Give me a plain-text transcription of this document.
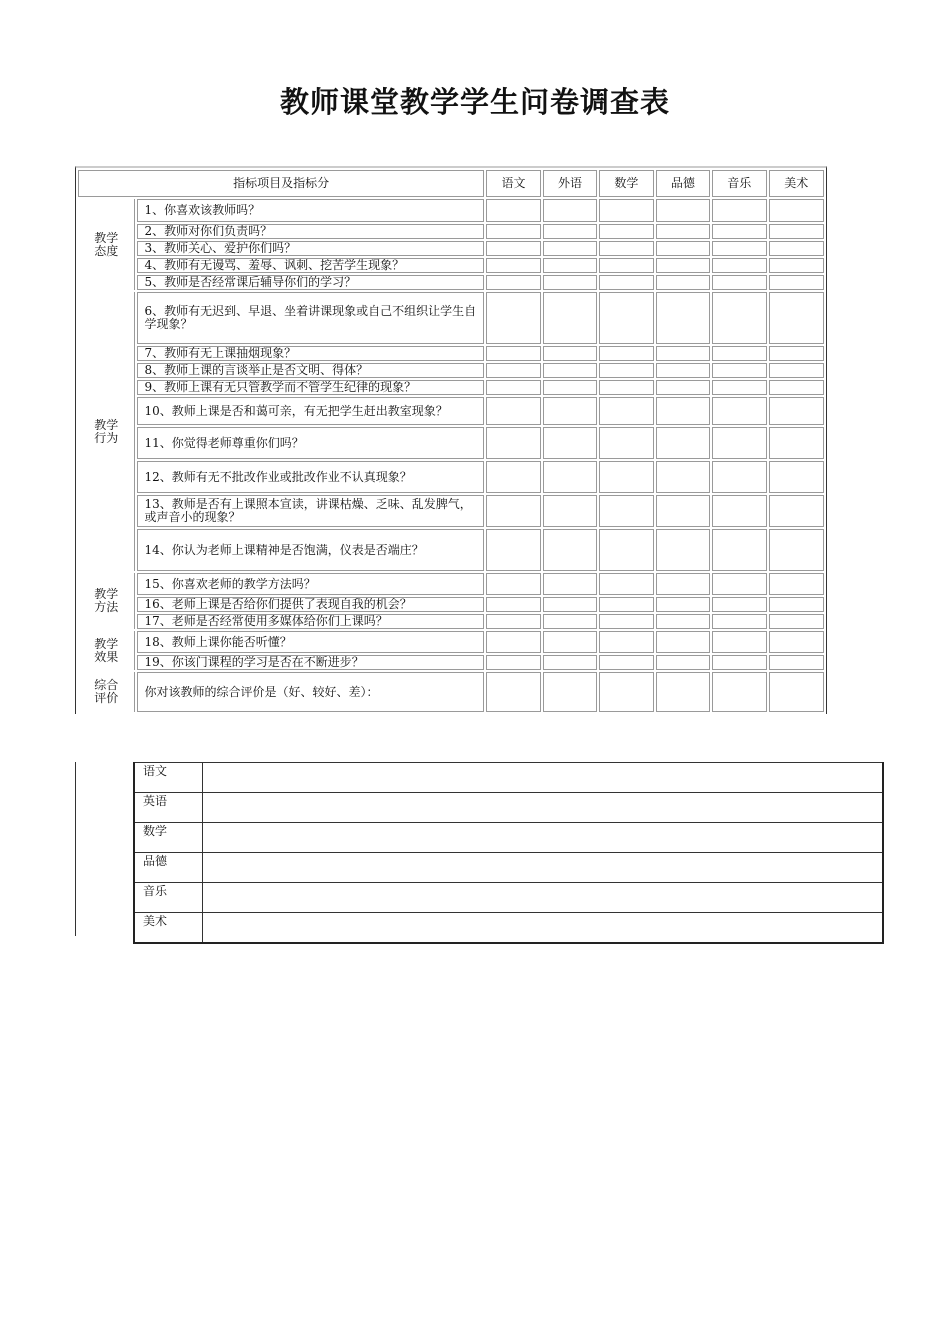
教师课堂教学学生问卷调查表
指标项目及指标分		语文	外语	数学	品德	音乐	美术

教学
态度	1、你喜欢该教师吗？						
	2、教师对你们负责吗？						
	3、教师关心、爱护你们吗？						
	4、教师有无谩骂、羞辱、讽刺、挖苦学生现象？						
	5、教师是否经常课后辅导你们的学习？						

教学
行为	6、教师有无迟到、早退、坐着讲课现象或自己不组织让学生自学现象？						
	7、教师有无上课抽烟现象？						
	8、教师上课的言谈举止是否文明、得体？						
	9、教师上课有无只管教学而不管学生纪律的现象？						
	10、教师上课是否和蔼可亲，有无把学生赶出教室现象？						
	11、你觉得老师尊重你们吗？						
	12、教师有无不批改作业或批改作业不认真现象？						
	13、教师是否有上课照本宣读，讲课枯燥、乏味、乱发脾气，或声音小的现象？						
	14、你认为老师上课精神是否饱满，仪表是否端庄？						

教学
方法	15、你喜欢老师的教学方法吗？						
	16、老师上课是否给你们提供了表现自我的机会？						
	17、老师是否经常使用多媒体给你们上课吗？						

教学
效果	18、教师上课你能否听懂？						
	19、你该门课程的学习是否在不断进步？						

综合
评价	你对该教师的综合评价是（好、较好、差）：						
语文	
英语	
数学	
品德	
音乐	
美术	
